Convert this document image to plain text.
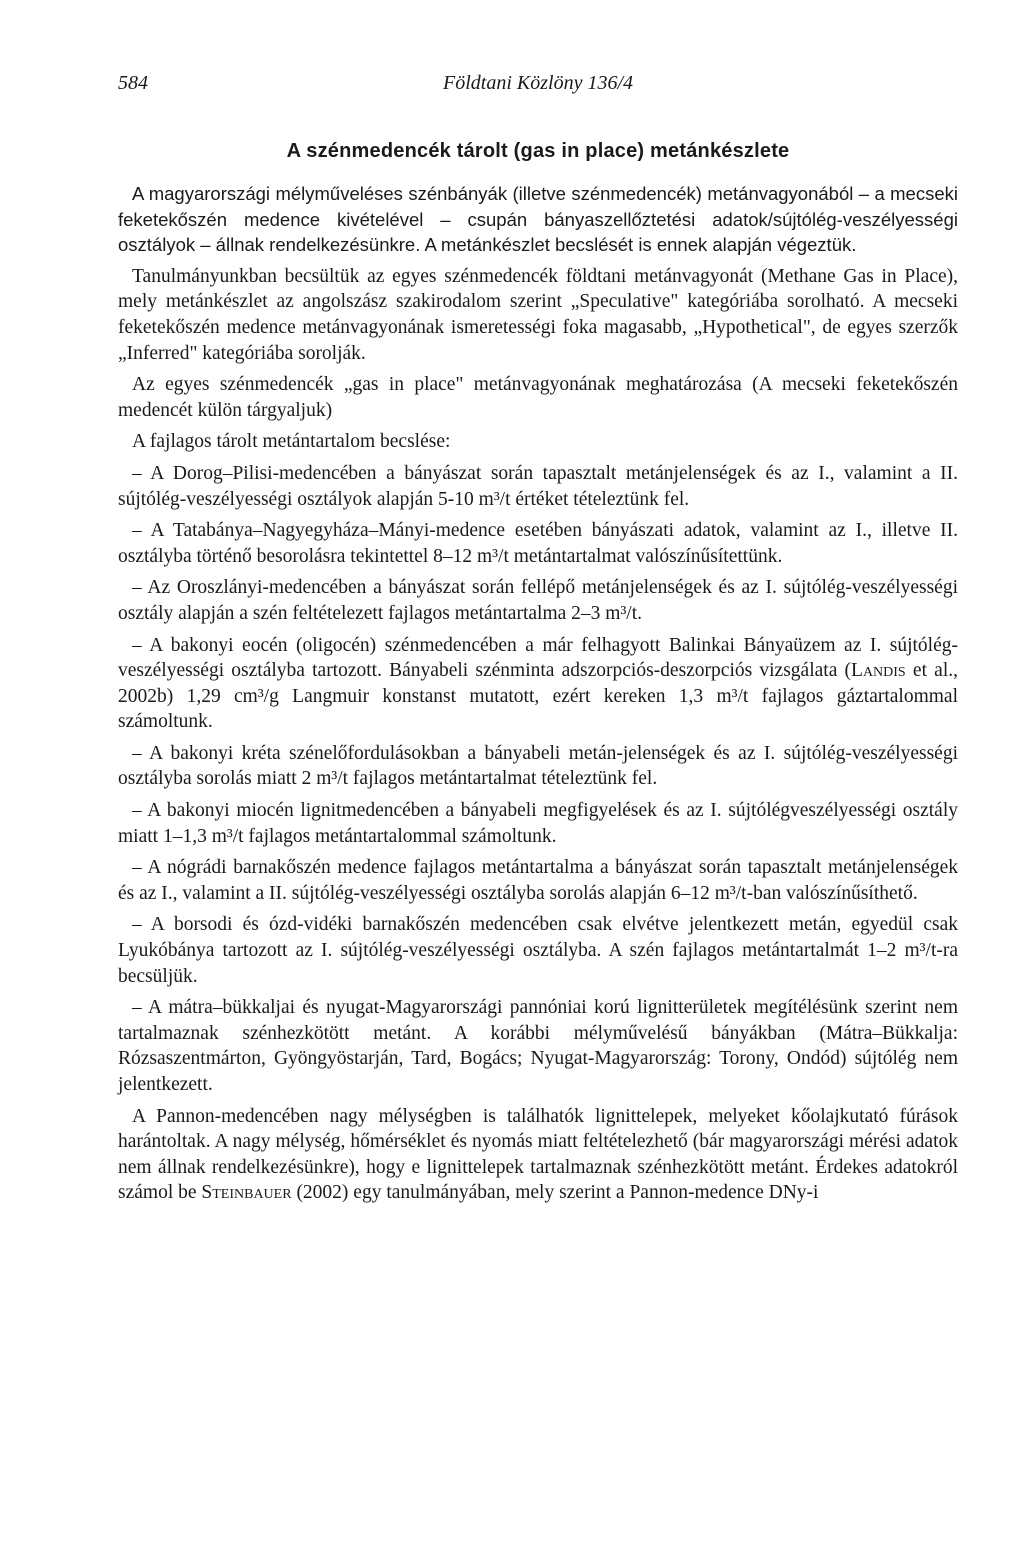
584	Földtani Közlöny 136/4
A szénmedencék tárolt (gas in place) metánkészlete

A magyarországi mélyműveléses szénbányák (illetve szénmedencék) metánvagyonából – a mecseki feketekőszén medence kivételével – csupán bányaszellőztetési adatok/sújtólég-veszélyességi osztályok – állnak rendelkezésünkre. A metánkészlet becslését is ennek alapján végeztük.

Tanulmányunkban becsültük az egyes szénmedencék földtani metánvagyonát (Methane Gas in Place), mely metánkészlet az angolszász szakirodalom szerint „Speculative" kategóriába sorolható. A mecseki feketekőszén medence metánvagyonának ismeretességi foka magasabb, „Hypothetical", de egyes szerzők „Inferred" kategóriába sorolják.

Az egyes szénmedencék „gas in place" metánvagyonának meghatározása (A mecseki feketekőszén medencét külön tárgyaljuk)

A fajlagos tárolt metántartalom becslése:

– A Dorog–Pilisi-medencében a bányászat során tapasztalt metánjelenségek és az I., valamint a II. sújtólég-veszélyességi osztályok alapján 5-10 m³/t értéket tételeztünk fel.

– A Tatabánya–Nagyegyháza–Mányi-medence esetében bányászati adatok, valamint az I., illetve II. osztályba történő besorolásra tekintettel 8–12 m³/t metántartalmat valószínűsítettünk.

– Az Oroszlányi-medencében a bányászat során fellépő metánjelenségek és az I. sújtólég-veszélyességi osztály alapján a szén feltételezett fajlagos metántartalma 2–3 m³/t.

– A bakonyi eocén (oligocén) szénmedencében a már felhagyott Balinkai Bányaüzem az I. sújtólég-veszélyességi osztályba tartozott. Bányabeli szénminta adszorpciós-deszorpciós vizsgálata (Landis et al., 2002b) 1,29 cm³/g Langmuir konstanst mutatott, ezért kereken 1,3 m³/t fajlagos gáztartalommal számoltunk.

– A bakonyi kréta szénelőfordulásokban a bányabeli metán-jelenségek és az I. sújtólég-veszélyességi osztályba sorolás miatt 2 m³/t fajlagos metántartalmat tételeztünk fel.

– A bakonyi miocén lignitmedencében a bányabeli megfigyelések és az I. sújtólégveszélyességi osztály miatt 1–1,3 m³/t fajlagos metántartalommal számoltunk.

– A nógrádi barnakőszén medence fajlagos metántartalma a bányászat során tapasztalt metánjelenségek és az I., valamint a II. sújtólég-veszélyességi osztályba sorolás alapján 6–12 m³/t-ban valószínűsíthető.

– A borsodi és ózd-vidéki barnakőszén medencében csak elvétve jelentkezett metán, egyedül csak Lyukóbánya tartozott az I. sújtólég-veszélyességi osztályba. A szén fajlagos metántartalmát 1–2 m³/t-ra becsüljük.

– A mátra–bükkaljai és nyugat-Magyarországi pannóniai korú lignitterületek megítélésünk szerint nem tartalmaznak szénhezkötött metánt. A korábbi mélyművelésű bányákban (Mátra–Bükkalja: Rózsaszentmárton, Gyöngyöstarján, Tard, Bogács; Nyugat-Magyarország: Torony, Ondód) sújtólég nem jelentkezett.

A Pannon-medencében nagy mélységben is találhatók lignittelepek, melyeket kőolajkutató fúrások harántoltak. A nagy mélység, hőmérséklet és nyomás miatt feltételezhető (bár magyarországi mérési adatok nem állnak rendelkezésünkre), hogy e lignittelepek tartalmaznak szénhezkötött metánt. Érdekes adatokról számol be Steinbauer (2002) egy tanulmányában, mely szerint a Pannon-medence DNy-i
